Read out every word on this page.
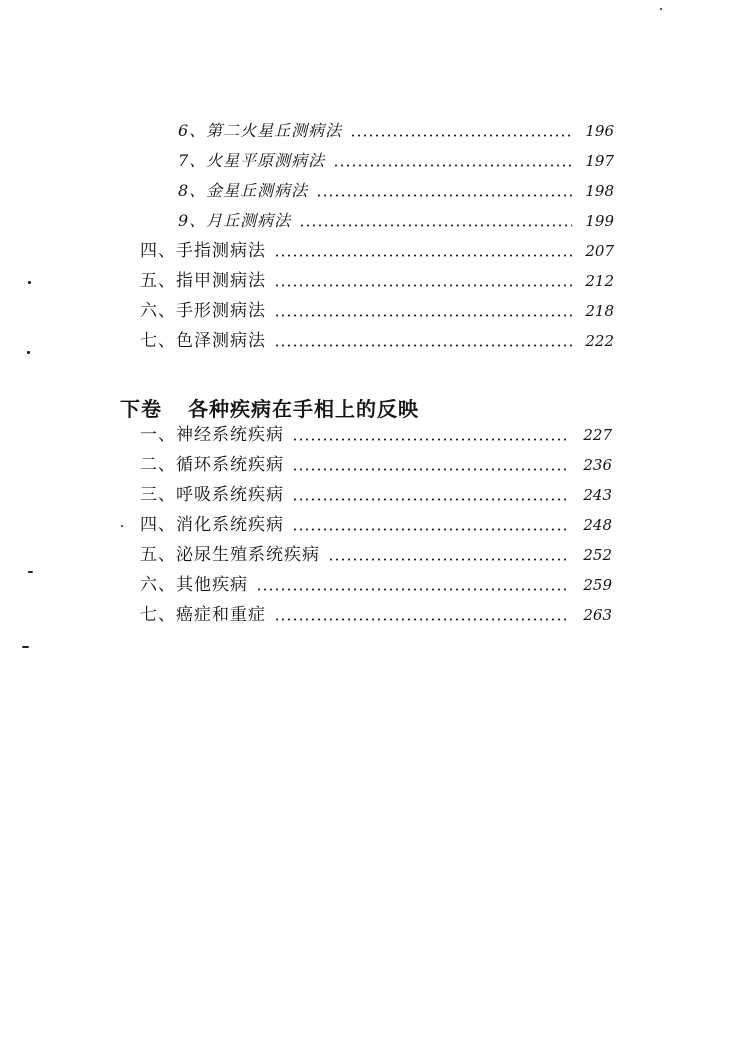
6、第二火星丘测病法	196
7、火星平原测病法	197
8、金星丘测病法	198
9、月丘测病法	199
四、手指测病法	207
五、指甲测病法	212
六、手形测病法	218
七、色泽测病法	222
下卷 各种疾病在手相上的反映
一、神经系统疾病	227
二、循环系统疾病	236
三、呼吸系统疾病	243
四、消化系统疾病	248
五、泌尿生殖系统疾病	252
六、其他疾病	259
七、癌症和重症	263
